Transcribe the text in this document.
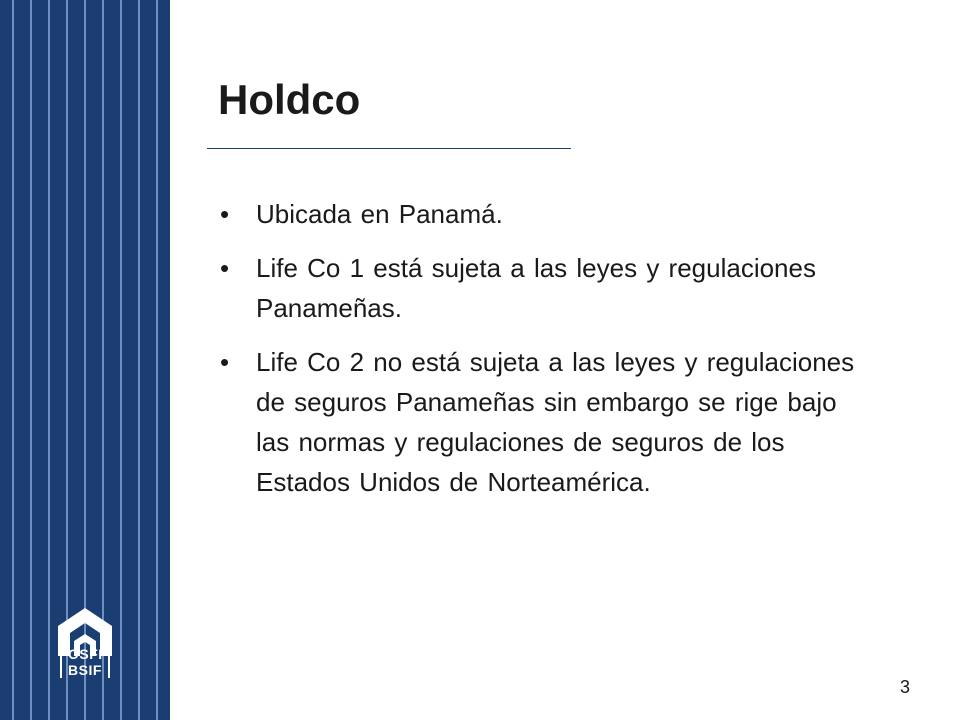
OSFI
BSIF
Holdco
• Ubicada en Panamá.
• Life Co 1 está sujeta a las leyes y regulaciones Panameñas.
• Life Co 2 no está sujeta a las leyes y regulaciones de seguros Panameñas sin embargo se rige bajo las normas y regulaciones de seguros de los Estados Unidos de Norteamérica.
3
